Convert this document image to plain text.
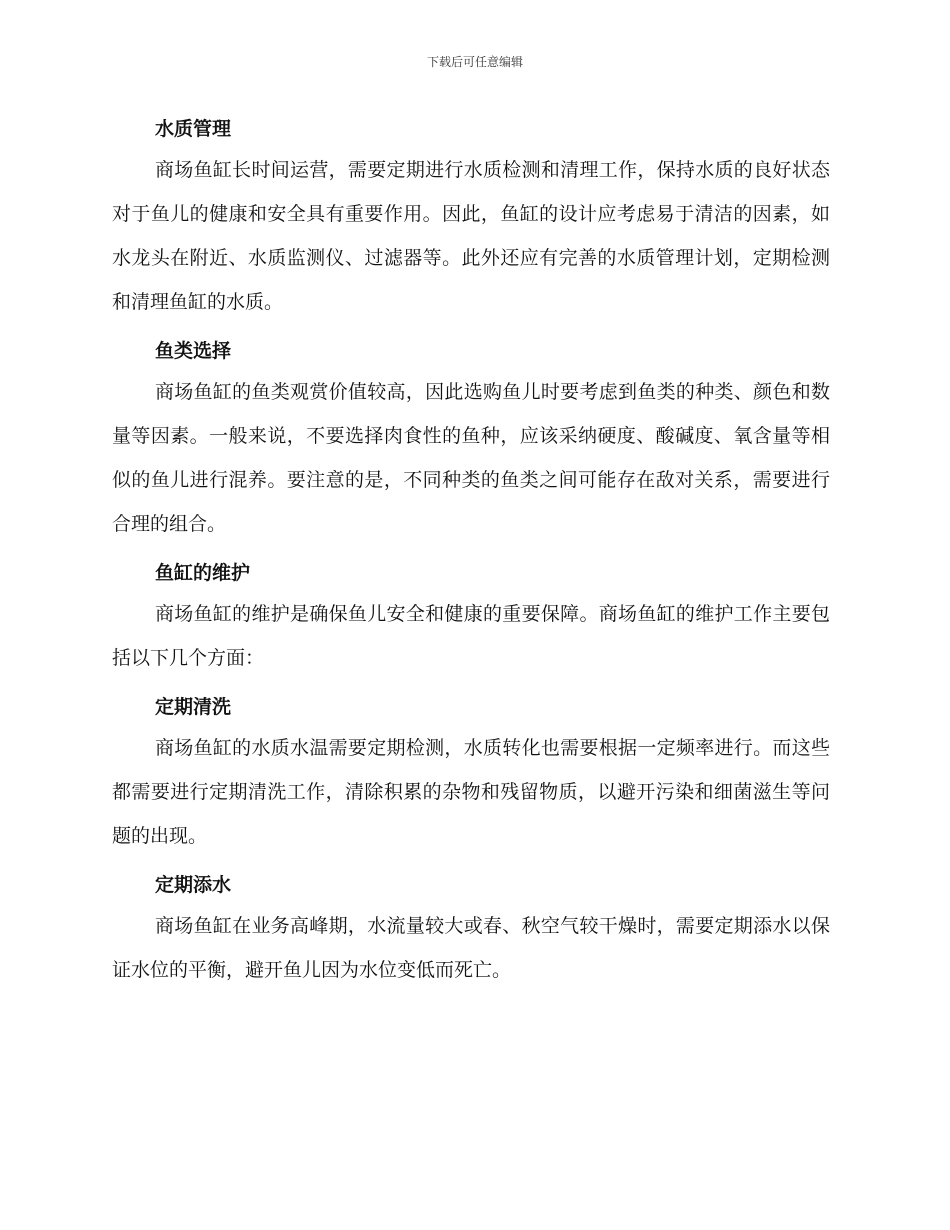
下载后可任意编辑
水质管理

商场鱼缸长时间运营，需要定期进行水质检测和清理工作，保持水质的良好状态对于鱼儿的健康和安全具有重要作用。因此，鱼缸的设计应考虑易于清洁的因素，如水龙头在附近、水质监测仪、过滤器等。此外还应有完善的水质管理计划，定期检测和清理鱼缸的水质。

鱼类选择

商场鱼缸的鱼类观赏价值较高，因此选购鱼儿时要考虑到鱼类的种类、颜色和数量等因素。一般来说，不要选择肉食性的鱼种，应该采纳硬度、酸碱度、氧含量等相似的鱼儿进行混养。要注意的是，不同种类的鱼类之间可能存在敌对关系，需要进行合理的组合。

鱼缸的维护

商场鱼缸的维护是确保鱼儿安全和健康的重要保障。商场鱼缸的维护工作主要包括以下几个方面：

定期清洗

商场鱼缸的水质水温需要定期检测，水质转化也需要根据一定频率进行。而这些都需要进行定期清洗工作，清除积累的杂物和残留物质，以避开污染和细菌滋生等问题的出现。

定期添水

商场鱼缸在业务高峰期，水流量较大或春、秋空气较干燥时，需要定期添水以保证水位的平衡，避开鱼儿因为水位变低而死亡。
